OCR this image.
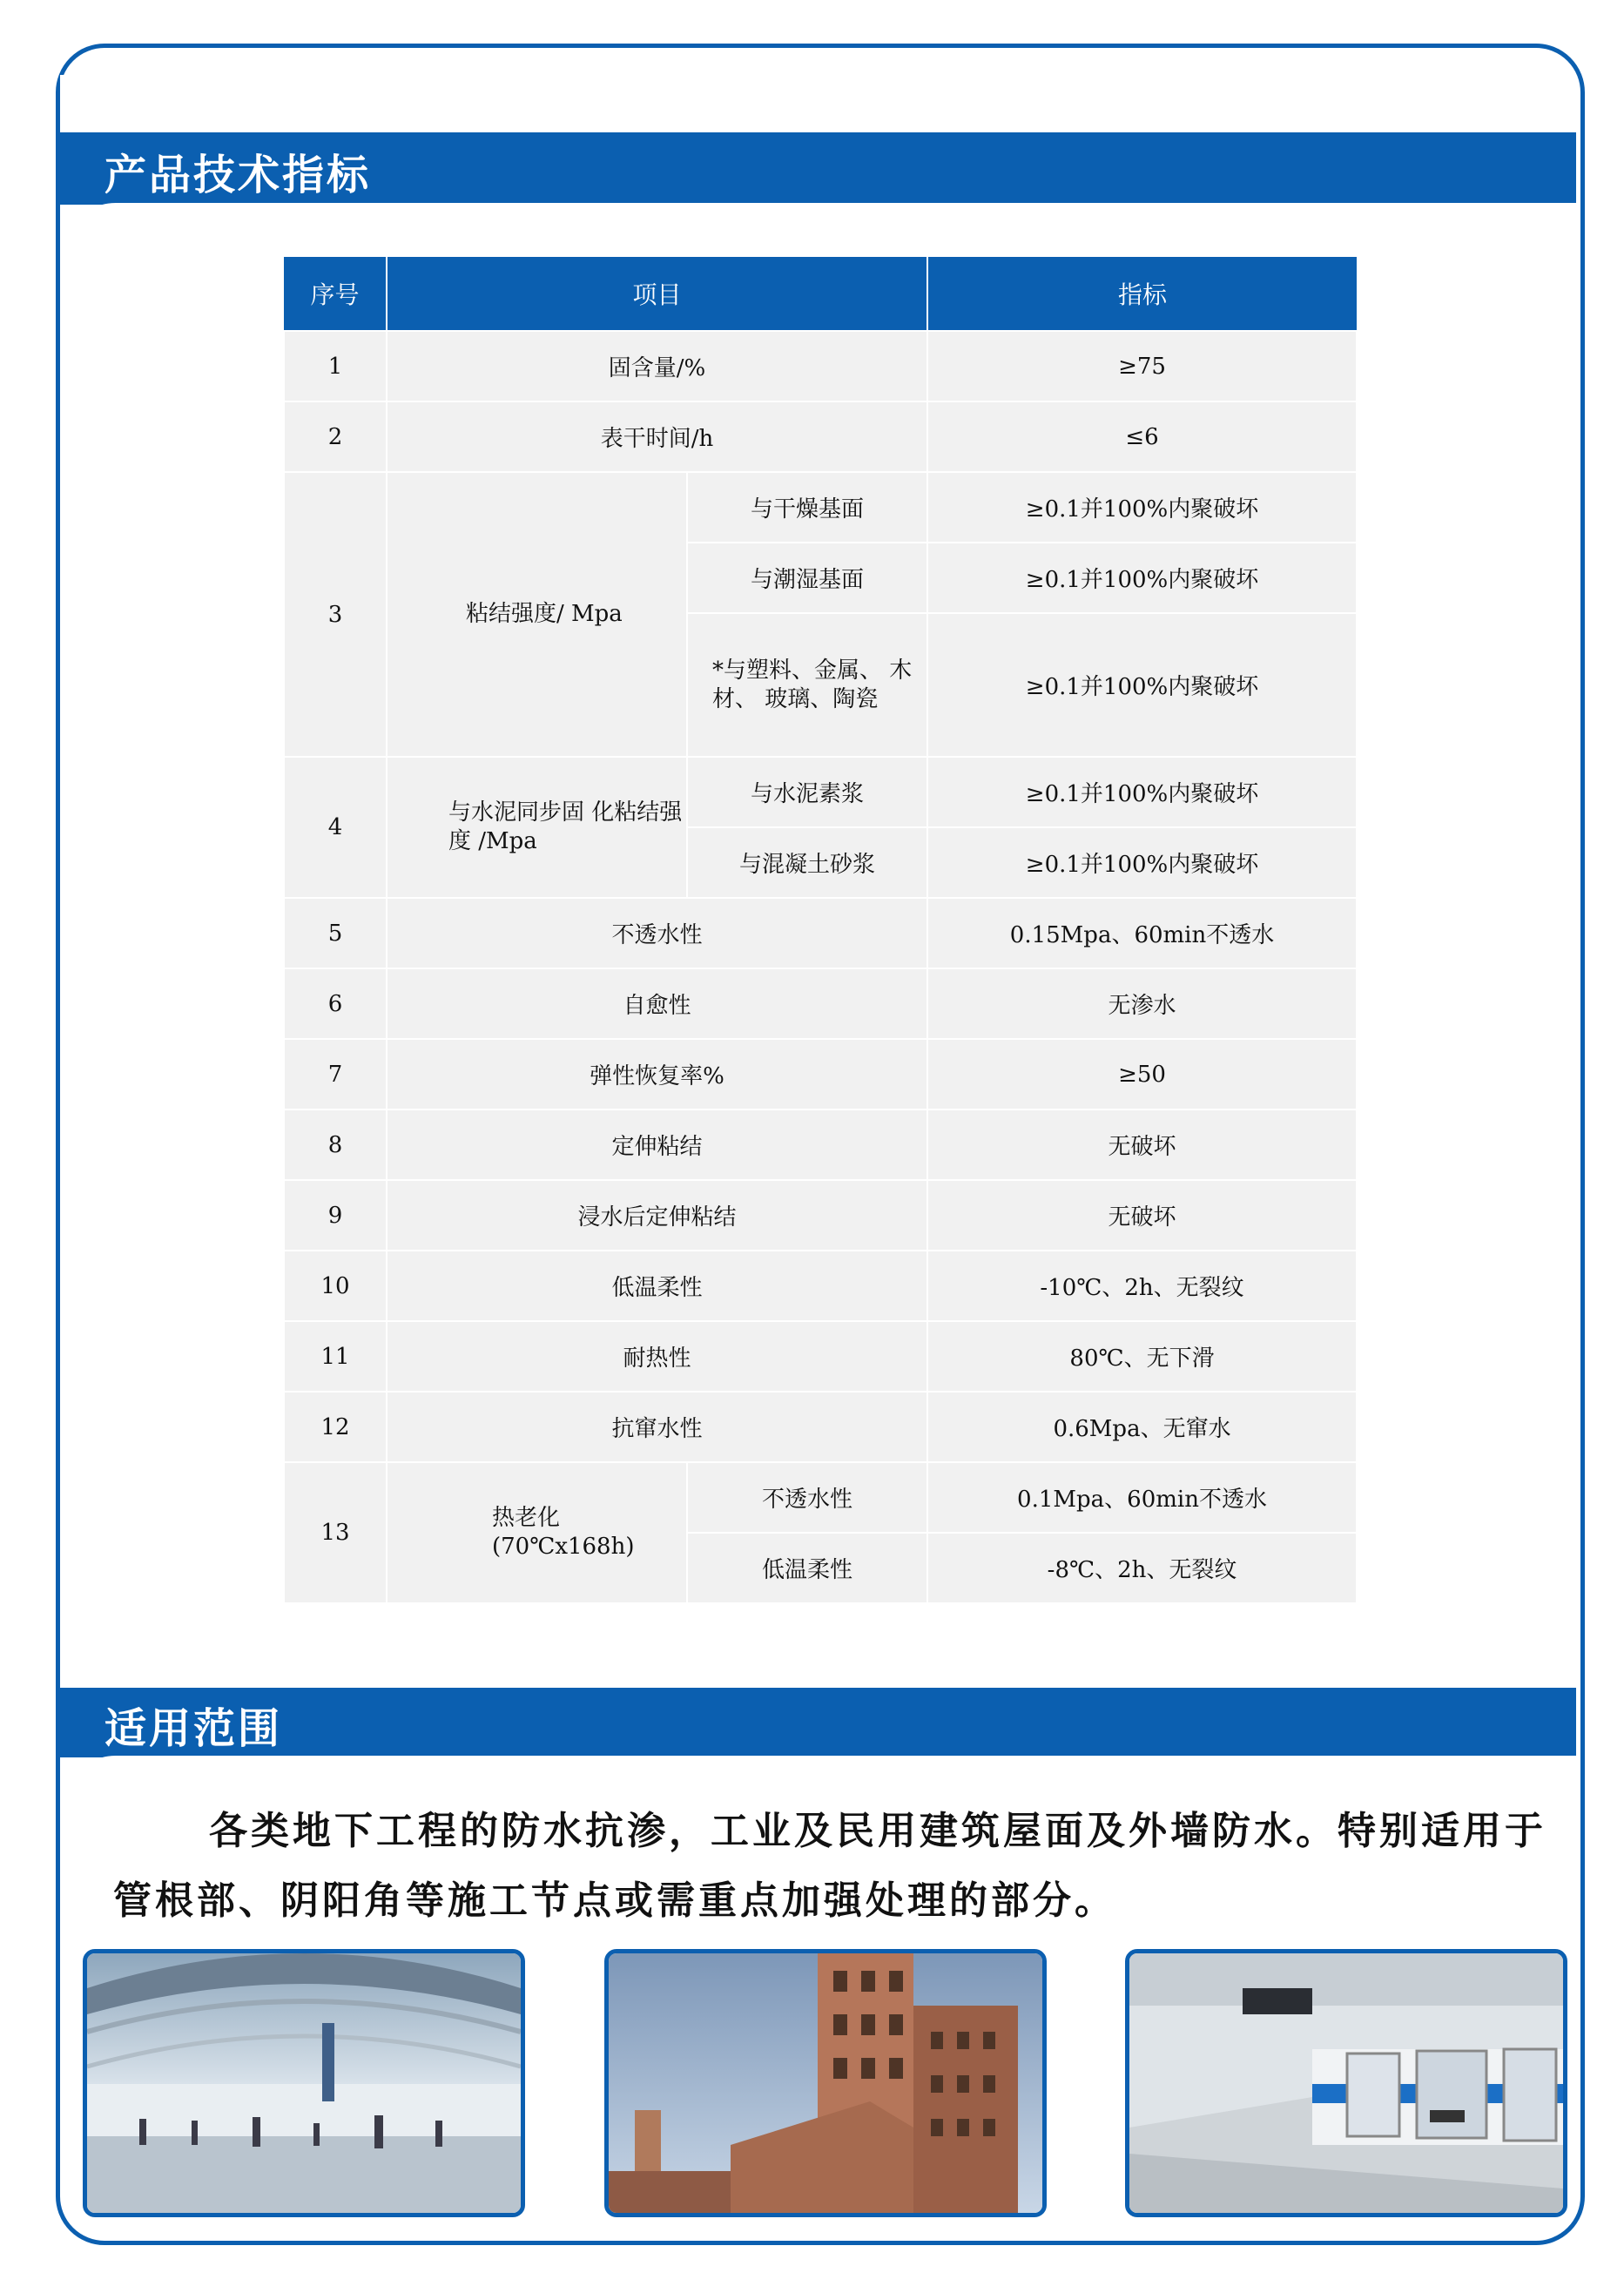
产品技术指标
序号	项目		指标
1	固含量/%		≥75
2	表干时间/h		≤6
3	粘结强度/ Mpa	与干燥基面	≥0.1并100%内聚破坏
		与潮湿基面	≥0.1并100%内聚破坏
		*与塑料、金属、 木材、 玻璃、陶瓷	≥0.1并100%内聚破坏
4	与水泥同步固 化粘结强度 /Mpa	与水泥素浆	≥0.1并100%内聚破坏
		与混凝土砂浆	≥0.1并100%内聚破坏
5	不透水性		0.15Mpa、60min不透水
6	自愈性		无渗水
7	弹性恢复率%		≥50
8	定伸粘结		无破坏
9	浸水后定伸粘结		无破坏
10	低温柔性		-10℃、2h、无裂纹
11	耐热性		80℃、无下滑
12	抗窜水性		0.6Mpa、无窜水
13	热老化 (70℃x168h)	不透水性	0.1Mpa、60min不透水
		低温柔性	-8℃、2h、无裂纹
适用范围
各类地下工程的防水抗渗，工业及民用建筑屋面及外墙防水。特别适用于管根部、阴阳角等施工节点或需重点加强处理的部分。
